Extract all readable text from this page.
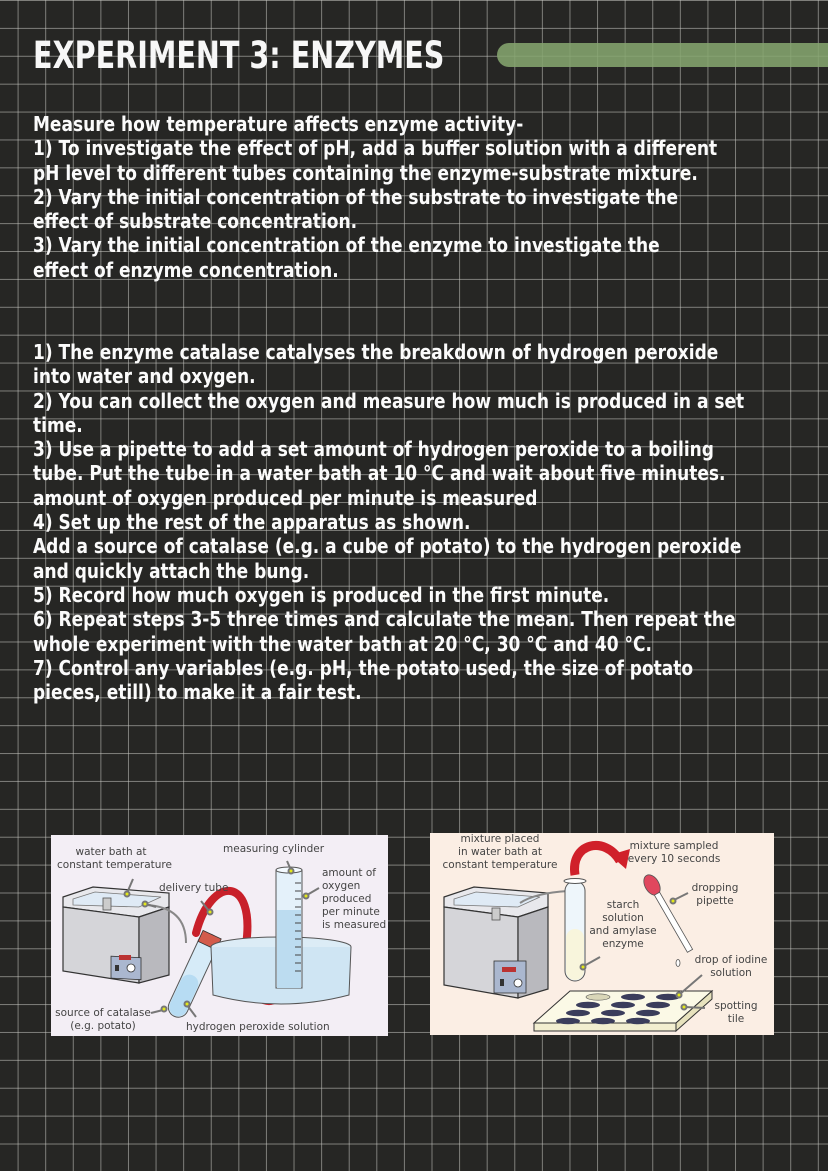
EXPERIMENT 3: ENZYMES
Measure how temperature affects enzyme activity-
1) To investigate the effect of pH, add a buffer solution with a different
pH level to different tubes containing the enzyme-substrate mixture.
2) Vary the initial concentration of the substrate to investigate the
effect of substrate concentration.
3) Vary the initial concentration of the enzyme to investigate the
effect of enzyme concentration.
1) The enzyme catalase catalyses the breakdown of hydrogen peroxide
into water and oxygen.
2) You can collect the oxygen and measure how much is produced in a set
time.
3) Use a pipette to add a set amount of hydrogen peroxide to a boiling
tube. Put the tube in a water bath at 10 °C and wait about five minutes.
amount of oxygen produced per minute is measured
4) Set up the rest of the apparatus as shown.
Add a source of catalase (e.g. a cube of potato) to the hydrogen peroxide
and quickly attach the bung.
5) Record how much oxygen is produced in the first minute.
6) Repeat steps 3-5 three times and calculate the mean. Then repeat the
whole experiment with the water bath at 20 °C, 30 °C and 40 °C.
7) Control any variables (e.g. pH, the potato used, the size of potato
pieces, etill) to make it a fair test.
water bath at
constant temperature
measuring cylinder
delivery tube
amount of
oxygen
produced
per minute
is measured
source of catalase
(e.g. potato)	hydrogen peroxide solution
mixture placed
in water bath at
constant temperature
mixture sampled
every 10 seconds
dropping
pipette
starch
solution
and amylase
enzyme
drop of iodine
solution
spotting
tile
